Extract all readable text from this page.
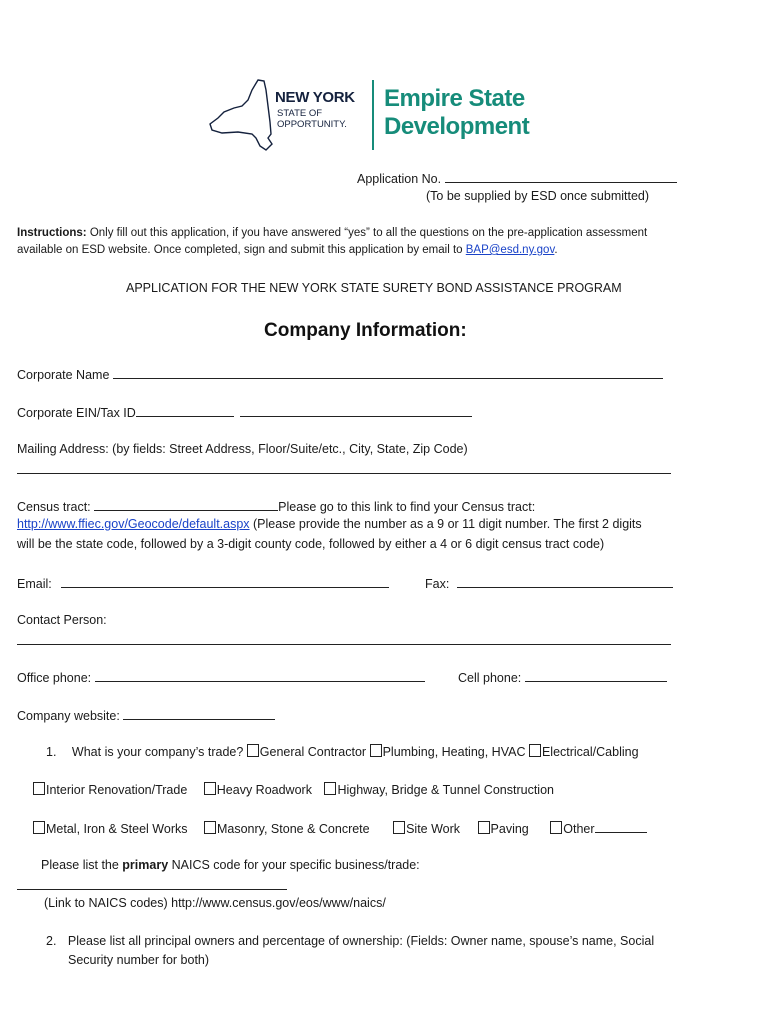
NEW YORK
STATE OF
OPPORTUNITY.
Empire State
Development
Application No.
(To be supplied by ESD once submitted)
Instructions: Only fill out this application, if you have answered “yes” to all the questions on the pre-application assessment
available on ESD website. Once completed, sign and submit this application by email to BAP@esd.ny.gov.
APPLICATION FOR THE NEW YORK STATE SURETY BOND ASSISTANCE PROGRAM
Company Information:
Corporate Name
Corporate EIN/Tax ID
Mailing Address: (by fields: Street Address, Floor/Suite/etc., City, State, Zip Code)
Census tract:	Please go to this link to find your Census tract:
http://www.ffiec.gov/Geocode/default.aspx (Please provide the number as a 9 or 11 digit number. The first 2 digits
will be the state code, followed by a 3-digit county code, followed by either a 4 or 6 digit census tract code)
Email:	Fax:
Contact Person:
Office phone:	Cell phone:
Company website:
1. What is your company’s trade? General Contractor Plumbing, Heating, HVAC Electrical/Cabling
Interior Renovation/Trade Heavy Roadwork Highway, Bridge & Tunnel Construction
Metal, Iron & Steel Works Masonry, Stone & Concrete	Site Work Paving	Other
Please list the primary NAICS code for your specific business/trade:
(Link to NAICS codes) http://www.census.gov/eos/www/naics/
2. Please list all principal owners and percentage of ownership: (Fields: Owner name, spouse’s name, Social
Security number for both)
